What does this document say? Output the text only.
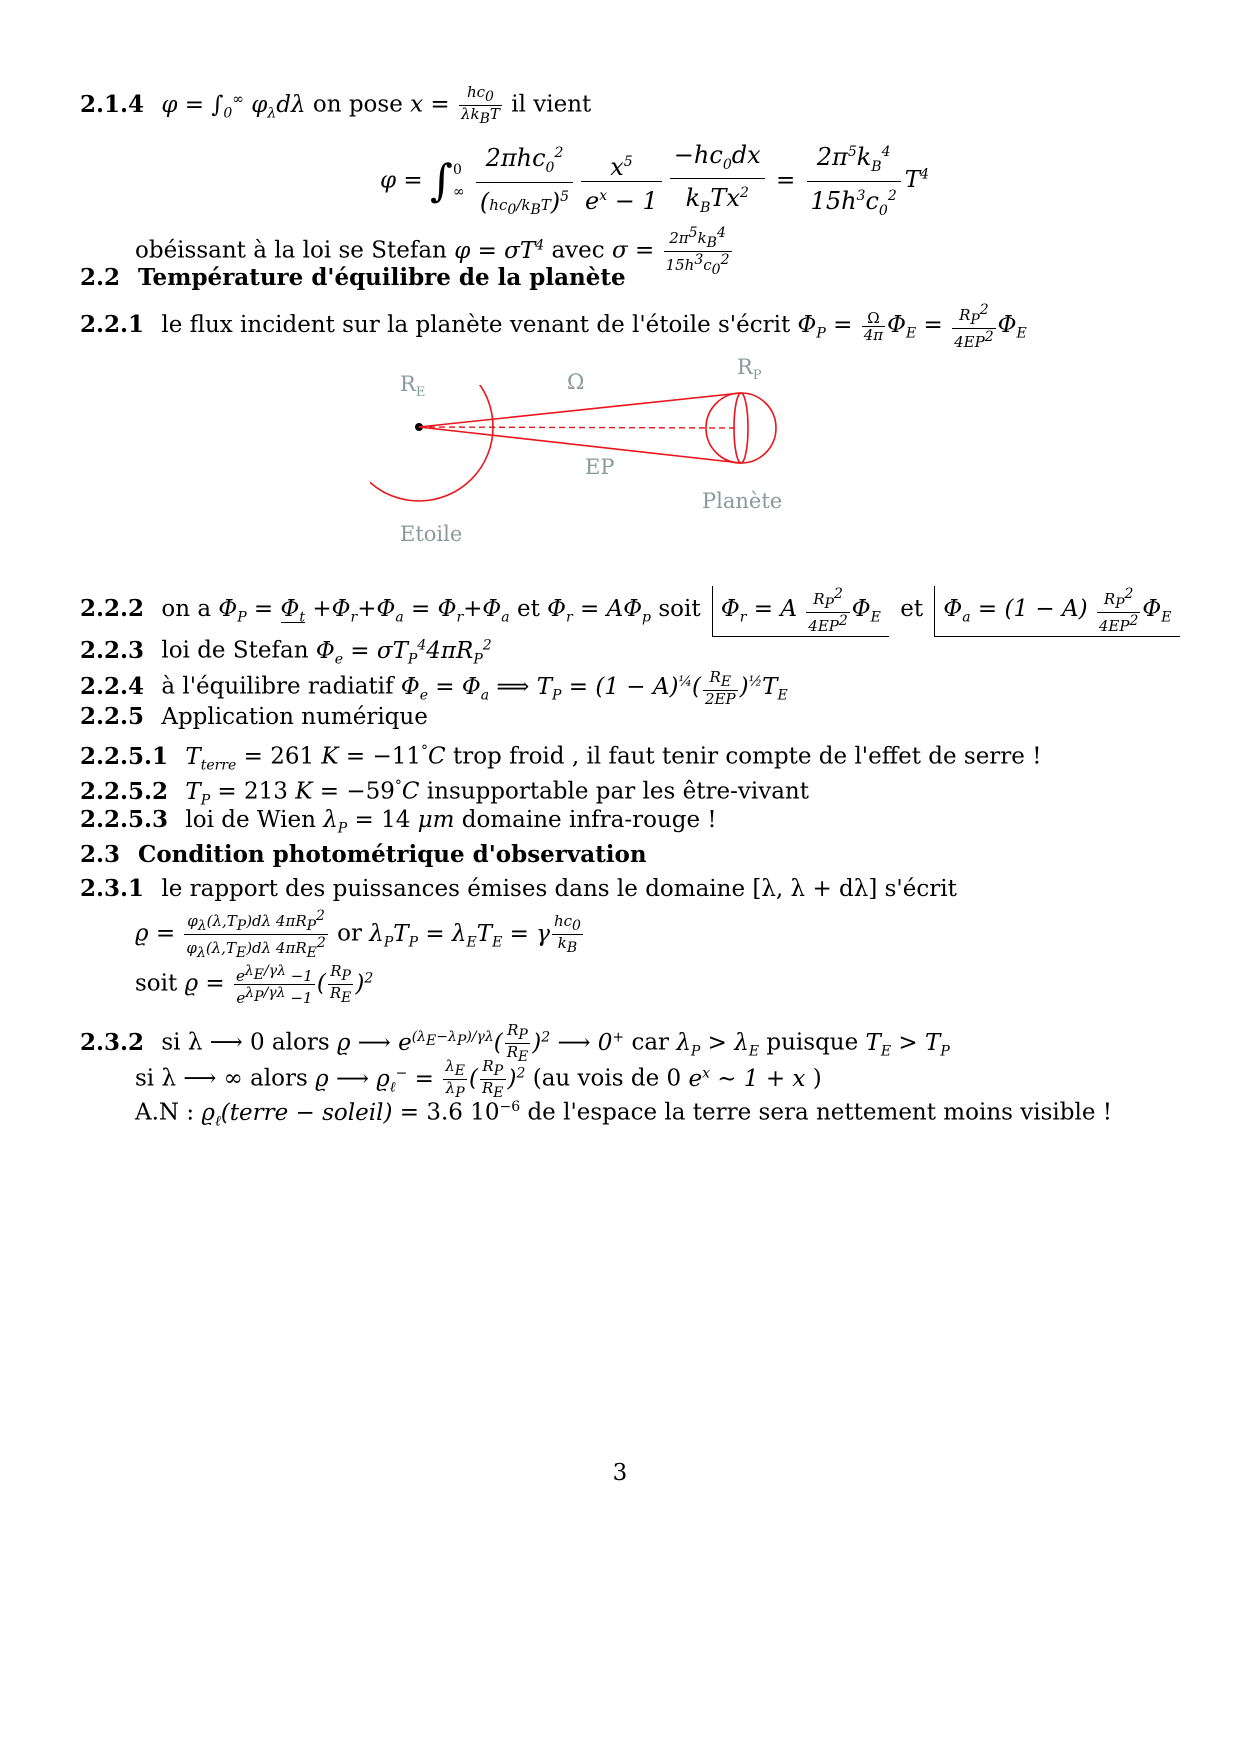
2.1.4 $\varphi = \int_0^\infty$ $\varphi_\lambda d\lambda$ on pose $x = \frac{hc_0}{\lambda k_BT}$ il vient
φ = ∫ 0
∞

2πhc$_0^2$
$(hc_0/k_BT)^5 \frac{x^5}{e^x - 1} -hc_0dx$
$k_BTx^2$	= $\frac{2\pi^5k_B^4}{15h^3c_0^2} T^4$
obéissant à la loi se Stefan $\varphi = \sigma T^4$ avec $\sigma = \frac{2\pi^5k_B^4}{15h^3c_0^2}$
2.2 Température d'équilibre de la planète
2.2.1 le flux incident sur la planète venant de l'étoile s'écrit $\Phi_P = \frac{\Omega}{4\pi} \Phi_E = \frac{R_P^2}{4EP^2} \Phi_E$
$R_E$	Ω
$R_P$
EP
Planète
Etoile
2.2.2 on a $\Phi_P = \Phi_t +\Phi_r+\Phi_a = \Phi_r+\Phi_a$ et $\Phi_r = A\Phi_p$ soit $\Phi_r = A \frac{R_P^2}{4EP^2} \Phi_E$ et $\Phi_a = (1 - A) \frac{R_P^2}{4EP^2} \Phi_E$
2.2.3 loi de Stefan $\Phi_e = \sigma T_P^44\pi R_P^2$
2.2.4 à l'équilibre radiatif $\Phi_e = \Phi_a$ ⟹ $T_P = (1 - A)^{\frac{1}{4}}( \frac{R_E}{2EP} )^{\frac{1}{2}}T_E$
2.2.5 Application numérique
2.2.5.1 $T_{terre} = 261$ K = −11°C trop froid , il faut tenir compte de l'effet de serre !
2.2.5.2 $T_P = 213$ K = −59°C insupportable par les être-vivant
2.2.5.3 loi de Wien $\lambda_P = 14$ μm domaine infra-rouge !
2.3 Condition photométrique d'observation
2.3.1 le rapport des puissances émises dans le domaine [λ, λ + dλ] s'écrit
$ϱ = \frac{\varphi_\lambda(\lambda,T_P)d\lambda 4\pi R_P^2}{\varphi_\lambda(\lambda,T_E)d\lambda 4\pi R_E^2}$ or $\lambda_PT_P = \lambda_ET_E = \gamma \frac{hc_0}{k_B}$
soit $ϱ = \frac{e^{\lambda_E/\gamma\lambda} -1}{e^{\lambda_P/\gamma\lambda} -1}$ ( $\frac{R_P}{R_E} )^2$
2.3.2 si λ ⟶ 0 alors ϱ ⟶ $e^{(\lambda_E-\lambda_P)/\gamma\lambda}( \frac{R_P}{R_E} )^2$ ⟶ 0+ car $\lambda_P > \lambda_E$ puisque $T_E > T_P$
si λ ⟶ ∞ alors ϱ ⟶ $ϱ_\ell^- = \frac{\lambda_E}{\lambda_P}$ ( $\frac{R_P}{R_E} )^2$ (au vois de 0 $e^x$ ∼ 1 + x )
A.N : $ϱ_\ell(terre$ − soleil) = 3.6 $10^{-6}$ de l'espace la terre sera nettement moins visible !
3
